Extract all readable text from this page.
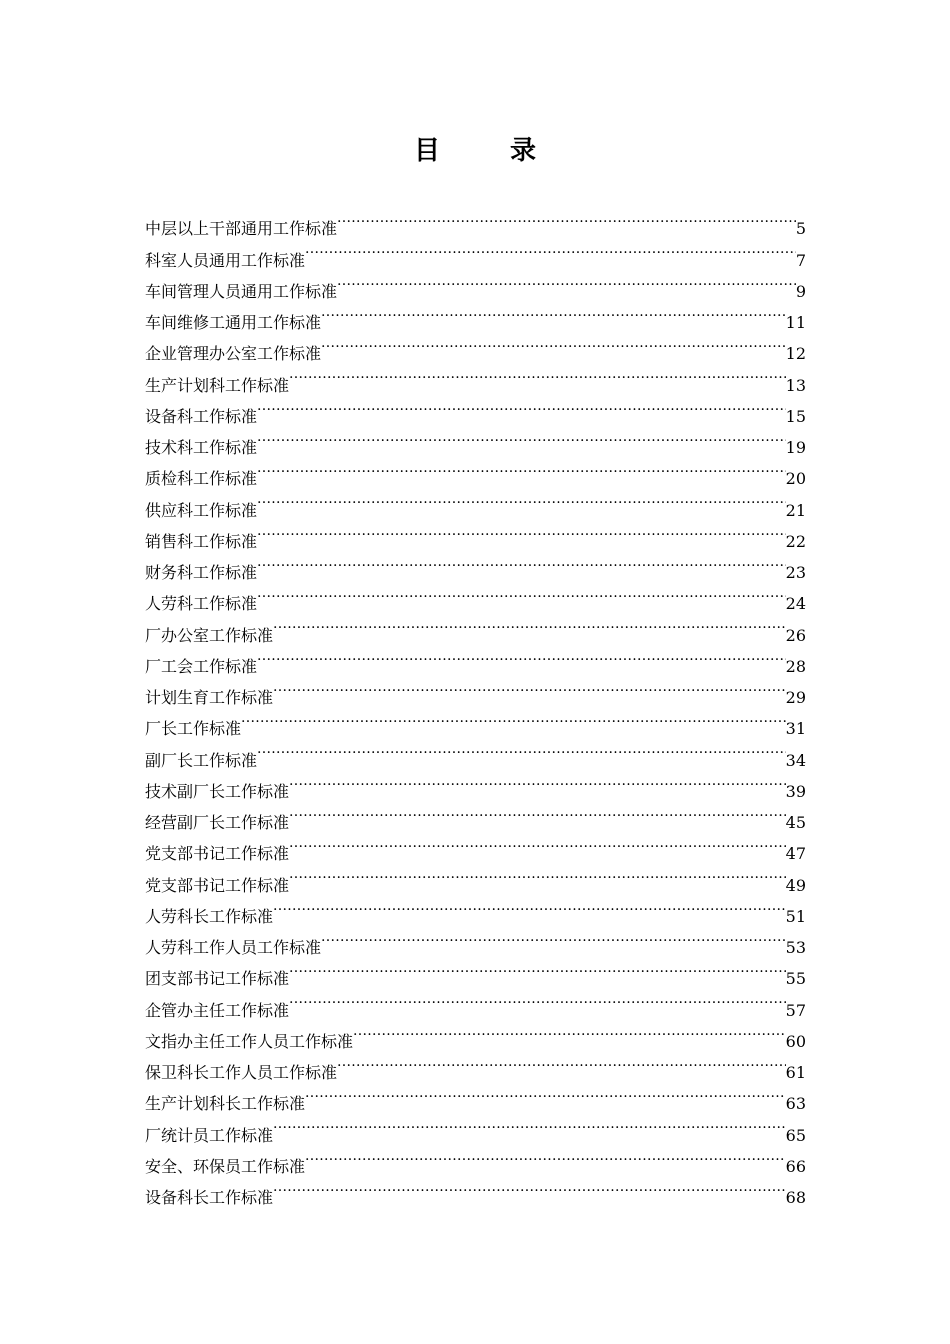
目	录
中层以上干部通用工作标准 .....	5
科室人员通用工作标准 .....	7
车间管理人员通用工作标准 .....	9
车间维修工通用工作标准 .....	11
企业管理办公室工作标准 .....	12
生产计划科工作标准 .....	13
设备科工作标准 .....	15
技术科工作标准 .....	19
质检科工作标准 .....	20
供应科工作标准 .....	21
销售科工作标准 .....	22
财务科工作标准 .....	23
人劳科工作标准 .....	24
厂办公室工作标准 .....	26
厂工会工作标准 .....	28
计划生育工作标准 .....	29
厂长工作标准 .....	31
副厂长工作标准 .....	34
技术副厂长工作标准 .....	39
经营副厂长工作标准 .....	45
党支部书记工作标准 .....	47
党支部书记工作标准 .....	49
人劳科长工作标准 .....	51
人劳科工作人员工作标准 .....	53
团支部书记工作标准 .....	55
企管办主任工作标准 .....	57
文指办主任工作人员工作标准 .....	60
保卫科长工作人员工作标准 .....	61
生产计划科长工作标准 .....	63
厂统计员工作标准 .....	65
安全、环保员工作标准 .....	66
设备科长工作标准 .....	68
